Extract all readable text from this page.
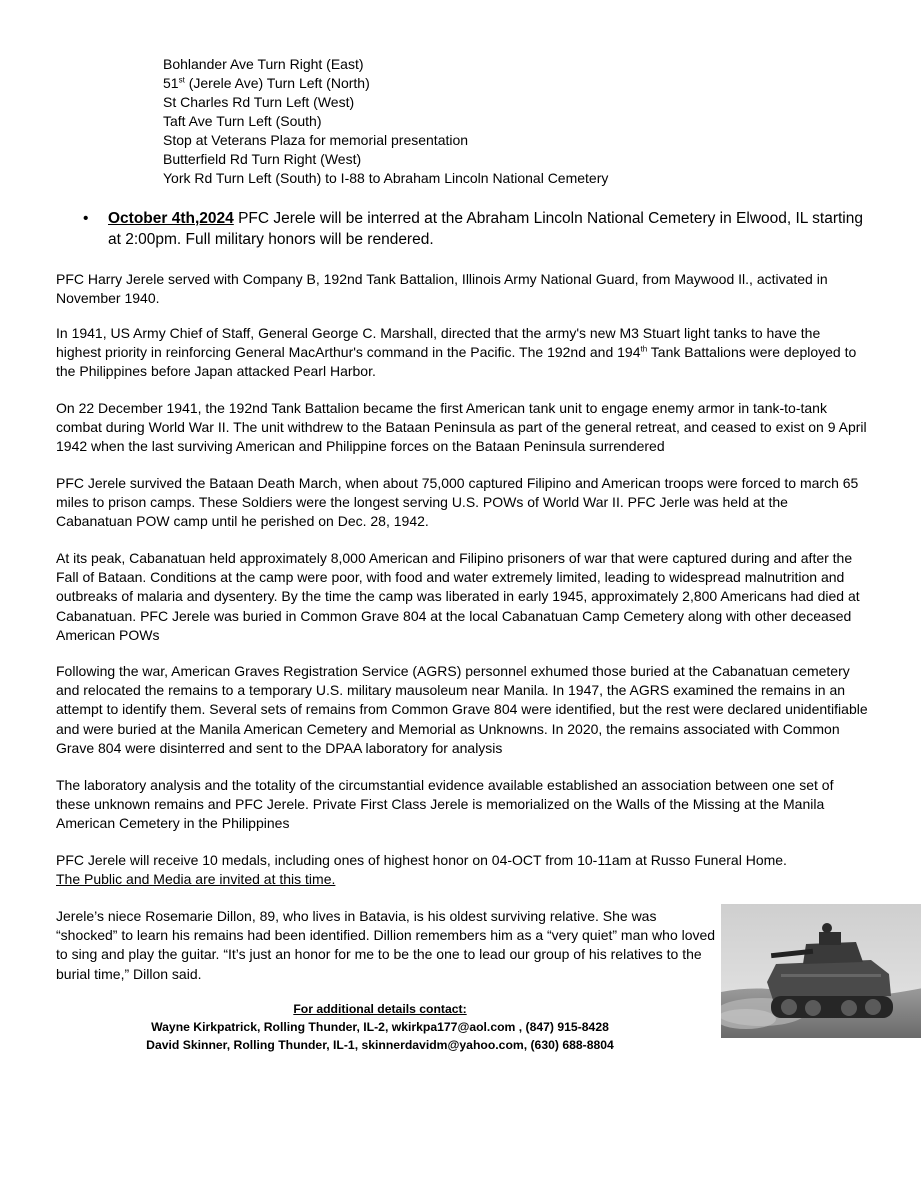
Bohlander Ave Turn Right (East)
51st (Jerele Ave) Turn Left (North)
St Charles Rd Turn Left (West)
Taft Ave Turn Left (South)
Stop at Veterans Plaza for memorial presentation
Butterfield Rd Turn Right (West)
York Rd Turn Left (South) to I-88 to Abraham Lincoln National Cemetery
• October 4th,2024 PFC Jerele will be interred at the Abraham Lincoln National Cemetery in Elwood, IL starting at 2:00pm. Full military honors will be rendered.

PFC Harry Jerele served with Company B, 192nd Tank Battalion, Illinois Army National Guard, from Maywood Il., activated in November 1940.

In 1941, US Army Chief of Staff, General George C. Marshall, directed that the army's new M3 Stuart light tanks to have the highest priority in reinforcing General MacArthur's command in the Pacific. The 192nd and 194th Tank Battalions were deployed to the Philippines before Japan attacked Pearl Harbor.

On 22 December 1941, the 192nd Tank Battalion became the first American tank unit to engage enemy armor in tank-to-tank combat during World War II. The unit withdrew to the Bataan Peninsula as part of the general retreat, and ceased to exist on 9 April 1942 when the last surviving American and Philippine forces on the Bataan Peninsula surrendered

PFC Jerele survived the Bataan Death March, when about 75,000 captured Filipino and American troops were forced to march 65 miles to prison camps. These Soldiers were the longest serving U.S. POWs of World War II. PFC Jerle was held at the Cabanatuan POW camp until he perished on Dec. 28, 1942.

At its peak, Cabanatuan held approximately 8,000 American and Filipino prisoners of war that were captured during and after the Fall of Bataan. Conditions at the camp were poor, with food and water extremely limited, leading to widespread malnutrition and outbreaks of malaria and dysentery. By the time the camp was liberated in early 1945, approximately 2,800 Americans had died at Cabanatuan. PFC Jerele was buried in Common Grave 804 at the local Cabanatuan Camp Cemetery along with other deceased American POWs

Following the war, American Graves Registration Service (AGRS) personnel exhumed those buried at the Cabanatuan cemetery and relocated the remains to a temporary U.S. military mausoleum near Manila. In 1947, the AGRS examined the remains in an attempt to identify them. Several sets of remains from Common Grave 804 were identified, but the rest were declared unidentifiable and were buried at the Manila American Cemetery and Memorial as Unknowns. In 2020, the remains associated with Common Grave 804 were disinterred and sent to the DPAA laboratory for analysis

The laboratory analysis and the totality of the circumstantial evidence available established an association between one set of these unknown remains and PFC Jerele. Private First Class Jerele is memorialized on the Walls of the Missing at the Manila American Cemetery in the Philippines

PFC Jerele will receive 10 medals, including ones of highest honor on 04-OCT from 10-11am at Russo Funeral Home.
The Public and Media are invited at this time.

Jerele’s niece Rosemarie Dillon, 89, who lives in Batavia, is his oldest surviving relative. She was “shocked” to learn his remains had been identified. Dillion remembers him as a “very quiet” man who loved to sing and play the guitar. “It’s just an honor for me to be the one to lead our group of his relatives to the burial time,” Dillon said.

For additional details contact:
Wayne Kirkpatrick, Rolling Thunder, IL-2, wkirkpa177@aol.com , (847) 915-8428
David Skinner, Rolling Thunder, IL-1, skinnerdavidm@yahoo.com, (630) 688-8804
